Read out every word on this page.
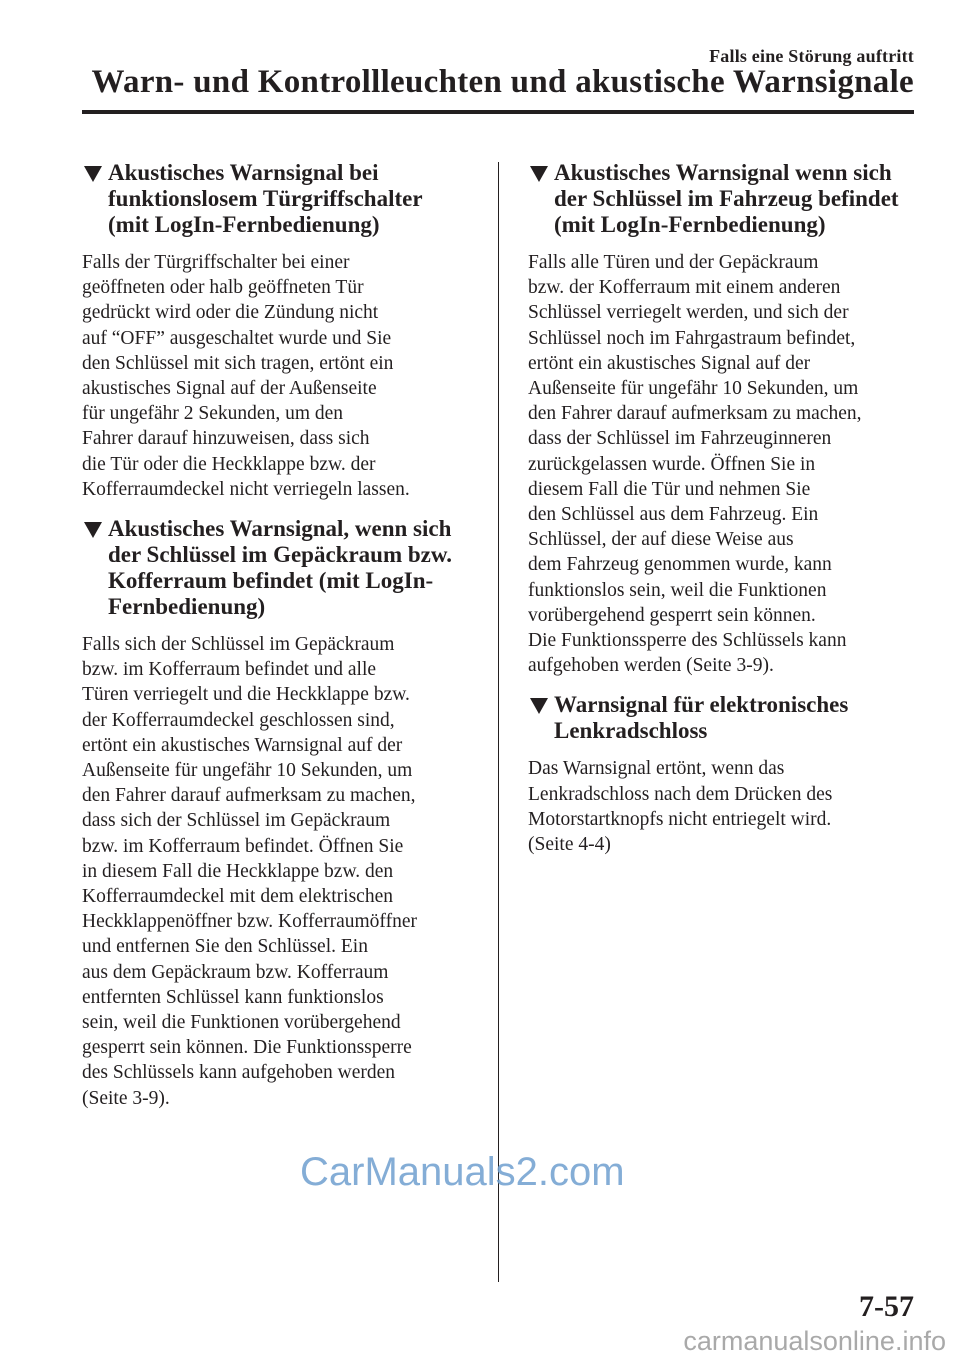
Falls eine Störung auftritt
Warn- und Kontrollleuchten und akustische Warnsignale
Akustisches Warnsignal bei
funktionslosem Türgriffschalter
(mit LogIn-Fernbedienung)

Falls der Türgriffschalter bei einer
geöffneten oder halb geöffneten Tür
gedrückt wird oder die Zündung nicht
auf “OFF” ausgeschaltet wurde und Sie
den Schlüssel mit sich tragen, ertönt ein
akustisches Signal auf der Außenseite
für ungefähr 2 Sekunden, um den
Fahrer darauf hinzuweisen, dass sich
die Tür oder die Heckklappe bzw. der
Kofferraumdeckel nicht verriegeln lassen.

Akustisches Warnsignal, wenn sich
der Schlüssel im Gepäckraum bzw.
Kofferraum befindet (mit LogIn-
Fernbedienung)

Falls sich der Schlüssel im Gepäckraum
bzw. im Kofferraum befindet und alle
Türen verriegelt und die Heckklappe bzw.
der Kofferraumdeckel geschlossen sind,
ertönt ein akustisches Warnsignal auf der
Außenseite für ungefähr 10 Sekunden, um
den Fahrer darauf aufmerksam zu machen,
dass sich der Schlüssel im Gepäckraum
bzw. im Kofferraum befindet. Öffnen Sie
in diesem Fall die Heckklappe bzw. den
Kofferraumdeckel mit dem elektrischen
Heckklappenöffner bzw. Kofferraumöffner
und entfernen Sie den Schlüssel. Ein
aus dem Gepäckraum bzw. Kofferraum
entfernten Schlüssel kann funktionslos
sein, weil die Funktionen vorübergehend
gesperrt sein können. Die Funktionssperre
des Schlüssels kann aufgehoben werden
(Seite 3-9).

Akustisches Warnsignal wenn sich
der Schlüssel im Fahrzeug befindet
(mit LogIn-Fernbedienung)

Falls alle Türen und der Gepäckraum
bzw. der Kofferraum mit einem anderen
Schlüssel verriegelt werden, und sich der
Schlüssel noch im Fahrgastraum befindet,
ertönt ein akustisches Signal auf der
Außenseite für ungefähr 10 Sekunden, um
den Fahrer darauf aufmerksam zu machen,
dass der Schlüssel im Fahrzeuginneren
zurückgelassen wurde. Öffnen Sie in
diesem Fall die Tür und nehmen Sie
den Schlüssel aus dem Fahrzeug. Ein
Schlüssel, der auf diese Weise aus
dem Fahrzeug genommen wurde, kann
funktionslos sein, weil die Funktionen
vorübergehend gesperrt sein können.
Die Funktionssperre des Schlüssels kann
aufgehoben werden (Seite 3-9).

Warnsignal für elektronisches
Lenkradschloss

Das Warnsignal ertönt, wenn das
Lenkradschloss nach dem Drücken des
Motorstartknopfs nicht entriegelt wird.
(Seite 4-4)

CarManuals2.com
7-57
carmanualsonline.info
